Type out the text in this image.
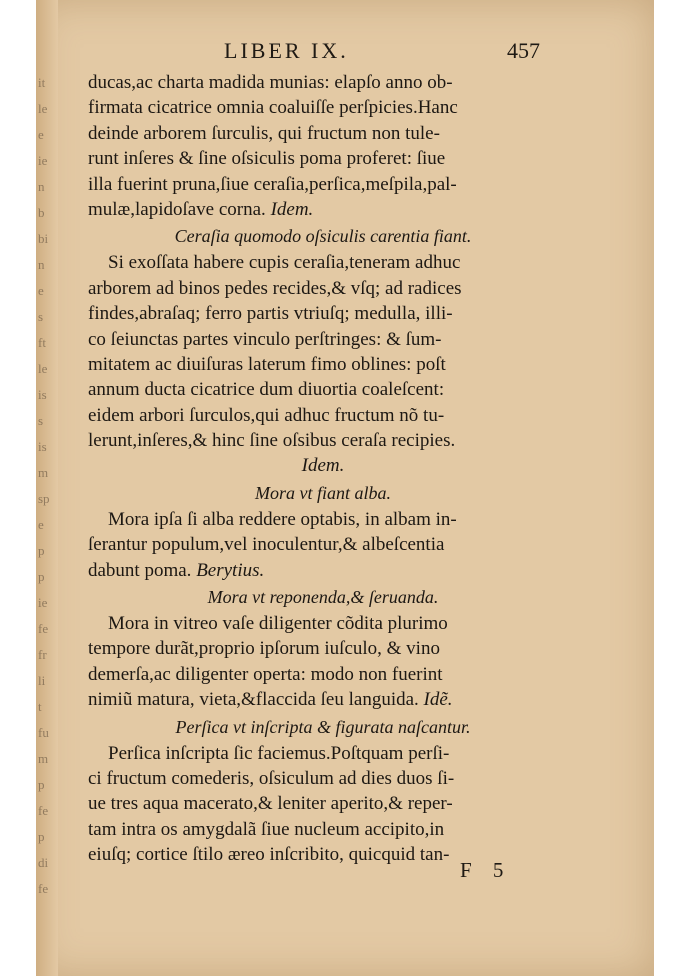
it
le
e
ie
n
b
bi
n
e
s
ft
le
is
s
is
m
sp
e
p
p
ie
fe
fr
li
t
fu
m
p
fe
p
di
fe
LIBER IX.	457
ducas,ac charta madida munias: elapſo anno ob-
firmata cicatrice omnia coaluiſſe perſpicies.Hanc
deinde arborem ſurculis, qui fructum non tule-
runt inſeres & ſine oſsiculis poma proferet: ſiue
illa fuerint pruna,ſiue ceraſia,perſica,meſpila,pal-
mulæ,lapidoſave corna. Idem.
Ceraſia quomodo oſsiculis carentia fiant.
Si exoſſata habere cupis ceraſia,teneram adhuc
arborem ad binos pedes recides,& vſq; ad radices
findes,abraſaq; ferro partis vtriuſq; medulla, illi-
co ſeiunctas partes vinculo perſtringes: & ſum-
mitatem ac diuiſuras laterum fimo oblines: poſt
annum ducta cicatrice dum diuortia coaleſcent:
eidem arbori ſurculos,qui adhuc fructum nõ tu-
lerunt,inſeres,& hinc ſine oſsibus ceraſa recipies.
Idem.
Mora vt fiant alba.
Mora ipſa ſi alba reddere optabis, in albam in-
ſerantur populum,vel inoculentur,& albeſcentia
dabunt poma. Berytius.
Mora vt reponenda,& ſeruanda.
Mora in vitreo vaſe diligenter cõdita plurimo
tempore durãt,proprio ipſorum iuſculo, & vino
demerſa,ac diligenter operta: modo non fuerint
nimiũ matura, vieta,&flaccida ſeu languida. Idẽ.
Perſica vt inſcripta & figurata naſcantur.
Perſica inſcripta ſic faciemus.Poſtquam perſi-
ci fructum comederis, oſsiculum ad dies duos ſi-
ue tres aqua macerato,& leniter aperito,& reper-
tam intra os amygdalã ſiue nucleum accipito,in
eiuſq; cortice ſtilo æreo inſcribito, quicquid tan-
F 5
